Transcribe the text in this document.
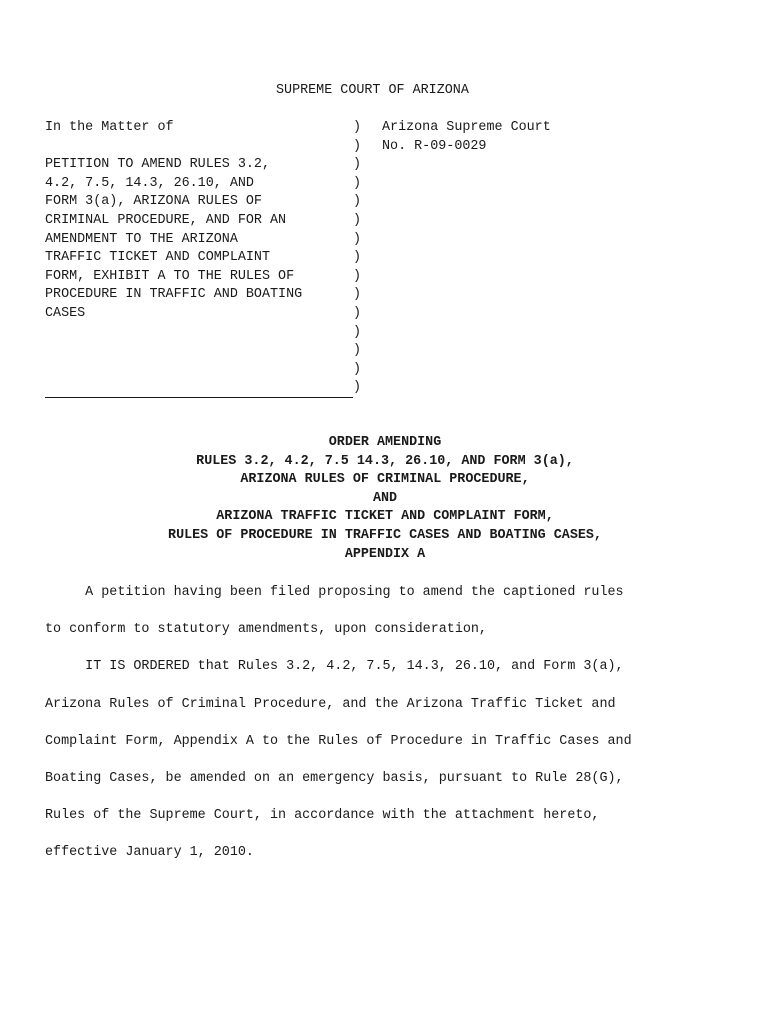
SUPREME COURT OF ARIZONA
In the Matter of
PETITION TO AMEND RULES 3.2,
4.2, 7.5, 14.3, 26.10, AND
FORM 3(a), ARIZONA RULES OF
CRIMINAL PROCEDURE, AND FOR AN
AMENDMENT TO THE ARIZONA
TRAFFIC TICKET AND COMPLAINT
FORM, EXHIBIT A TO THE RULES OF
PROCEDURE IN TRAFFIC AND BOATING
CASES
)
)
)
)
)
)
)
)
)
)
)
)
)
)
)
Arizona Supreme Court
No. R-09-0029
ORDER AMENDING
RULES 3.2, 4.2, 7.5 14.3, 26.10, AND FORM 3(a),
ARIZONA RULES OF CRIMINAL PROCEDURE,
AND
ARIZONA TRAFFIC TICKET AND COMPLAINT FORM,
RULES OF PROCEDURE IN TRAFFIC CASES AND BOATING CASES,
APPENDIX A
A petition having been filed proposing to amend the captioned rules
to conform to statutory amendments, upon consideration,
IT IS ORDERED that Rules 3.2, 4.2, 7.5, 14.3, 26.10, and Form 3(a),
Arizona Rules of Criminal Procedure, and the Arizona Traffic Ticket and
Complaint Form, Appendix A to the Rules of Procedure in Traffic Cases and
Boating Cases, be amended on an emergency basis, pursuant to Rule 28(G),
Rules of the Supreme Court, in accordance with the attachment hereto,
effective January 1, 2010.
